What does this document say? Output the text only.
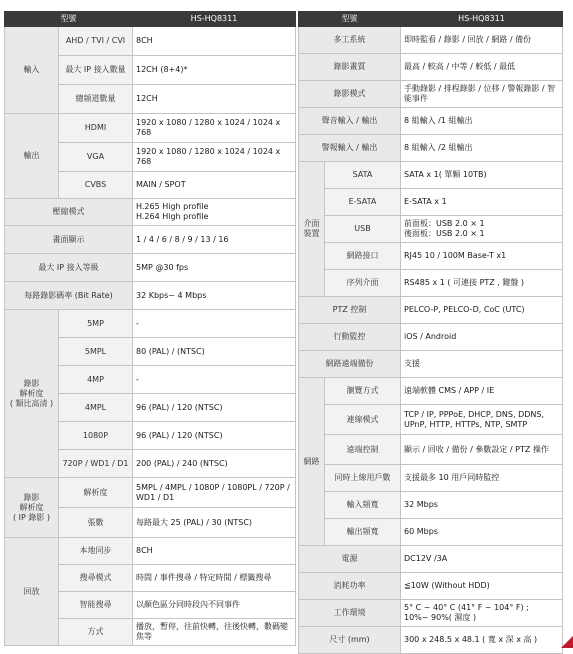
型號		HS-HQ8311
輸入	AHD / TVI / CVI	8CH
	最大 IP 接入數量	12CH (8+4)*
	總頻道數量	12CH
輸出	HDMI	1920 x 1080 / 1280 x 1024 / 1024 x 768
	VGA	1920 x 1080 / 1280 x 1024 / 1024 x 768
	CVBS	MAIN / SPOT
壓縮模式		H.265 High profile
H.264 High profile
畫面顯示		1 / 4 / 6 / 8 / 9 / 13 / 16
最大 IP 接入等級		5MP @30 fps
每路錄影碼率 (Bit Rate)		32 Kbps~ 4 Mbps
錄影
解析度
( 類比高清 )	5MP	-
	5MPL	80 (PAL) / (NTSC)
	4MP	-
	4MPL	96 (PAL) / 120 (NTSC)
	1080P	96 (PAL) / 120 (NTSC)
	720P / WD1 / D1	200 (PAL) / 240 (NTSC)
錄影
解析度
( IP 錄影 )	解析度	5MPL / 4MPL / 1080P / 1080PL / 720P / WD1 / D1
	張數	每路最大 25 (PAL) / 30 (NTSC)
回放	本地同步	8CH
	搜尋模式	時間 / 事件搜尋 / 特定時間 / 標籤搜尋
	智能搜尋	以顏色區分同時段內不同事件
	方式	播放，暫停，往前快轉，往後快轉，數碼變焦等
型號		HS-HQ8311
多工系統		即時監看 / 錄影 / 回放 / 網路 / 備份
錄影畫質		最高 / 較高 / 中等 / 較低 / 最低
錄影模式		手動錄影 / 排程錄影 / 位移 / 警報錄影 / 智能事件
聲音輸入 / 輸出		8 組輸入 /1 組輸出
警報輸入 / 輸出		8 組輸入 /2 組輸出
介面
裝置	SATA	SATA x 1( 單顆 10TB)
	E-SATA	E-SATA x 1
	USB	前面板：USB 2.0 × 1
後面板：USB 2.0 × 1
	網路接口	RJ45 10 / 100M Base-T x1
	序列介面	RS485 x 1 ( 可連接 PTZ , 鍵盤 )
PTZ 控制		PELCO-P, PELCO-D, CoC (UTC)
行動監控		iOS / Android
網路遠端備份		支援
網路	瀏覽方式	遠端軟體 CMS / APP / IE
	連線模式	TCP / IP, PPPoE, DHCP, DNS, DDNS, UPnP, HTTP, HTTPs, NTP, SMTP
	遠端控制	顯示 / 回收 / 備份 / 參數設定 / PTZ 操作
	同時上線用戶數	支援最多 10 用戶同時監控
	輸入頻寬	32 Mbps
	輸出頻寬	60 Mbps
電源		DC12V /3A
消耗功率		≦10W (Without HDD)
工作環境		5° C ~ 40° C (41° F ~ 104° F) ;
10%~ 90%( 濕度 )
尺寸 (mm)		300 x 248.5 x 48.1 ( 寬 x 深 x 高 )
